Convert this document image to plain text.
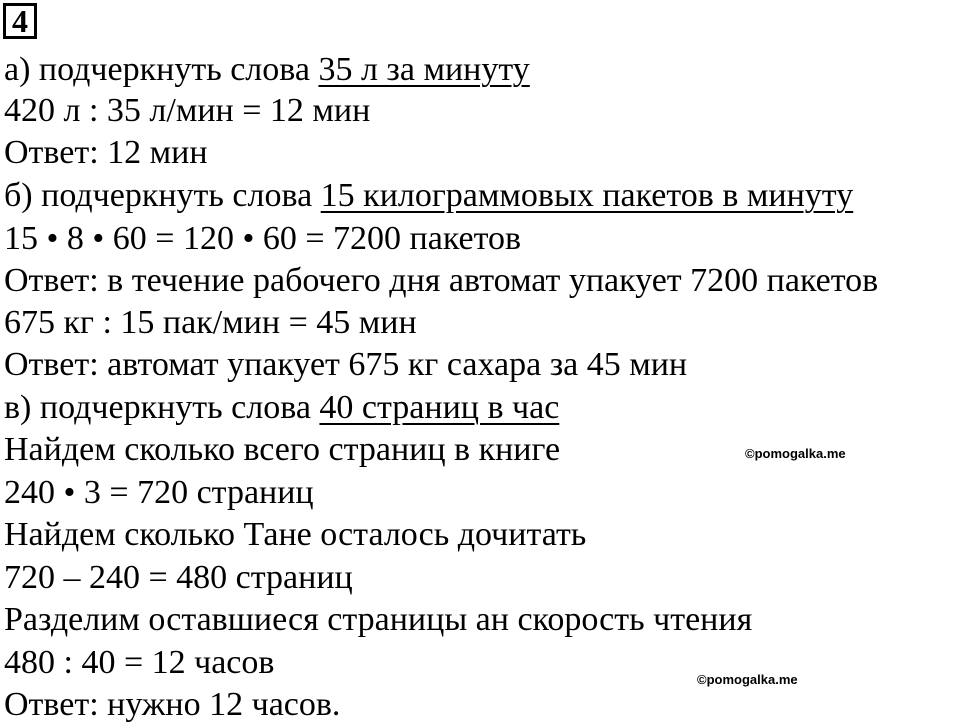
4
а) подчеркнуть слова 35 л за минуту
420 л : 35 л/мин = 12 мин
Ответ: 12 мин
б) подчеркнуть слова 15 килограммовых пакетов в минуту
15 • 8 • 60 = 120 • 60 = 7200 пакетов
Ответ: в течение рабочего дня автомат упакует 7200 пакетов
675 кг : 15 пак/мин = 45 мин
Ответ: автомат упакует 675 кг сахара за 45 мин
в) подчеркнуть слова 40 страниц в час
Найдем сколько всего страниц в книге
240 • 3 = 720 страниц
Найдем сколько Тане осталось дочитать
720 – 240 = 480 страниц
Разделим оставшиеся страницы ан скорость чтения
480 : 40 = 12 часов
Ответ: нужно 12 часов.
©pomogalka.me
©pomogalka.me
